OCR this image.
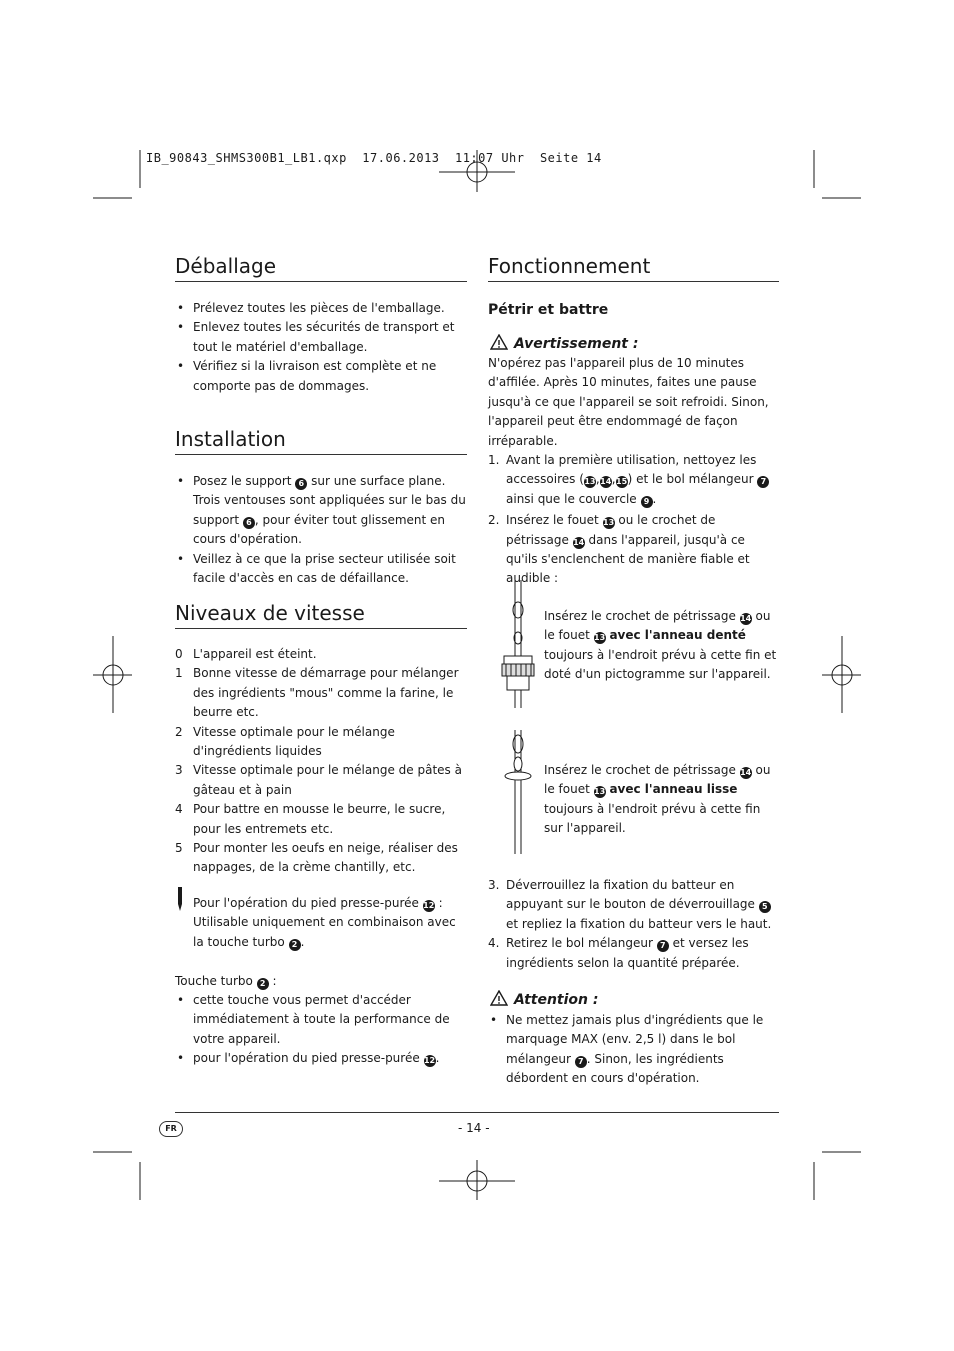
IB_90843_SHMS300B1_LB1.qxp  17.06.2013  11:07 Uhr  Seite 14
Déballage
• Prélevez toutes les pièces de l'emballage.
• Enlevez toutes les sécurités de transport et tout le matériel d'emballage.
• Vérifiez si la livraison est complète et ne comporte pas de dommages.
Installation
• Posez le support 6 sur une surface plane. Trois ventouses sont appliquées sur le bas du support 6 , pour éviter tout glissement en cours d'opération.
• Veillez à ce que la prise secteur utilisée soit facile d'accès en cas de défaillance.
Niveaux de vitesse
0 L'appareil est éteint.
1 Bonne vitesse de démarrage pour mélanger des ingrédients "mous" comme la farine, le beurre etc.
2 Vitesse optimale pour le mélange d'ingrédients liquides
3 Vitesse optimale pour le mélange de pâtes à gâteau et à pain
4 Pour battre en mousse le beurre, le sucre, pour les entremets etc.
5 Pour monter les oeufs en neige, réaliser des nappages, de la crème chantilly, etc.
Pour l'opération du pied presse-purée 12 : Utilisable uniquement en combinaison avec la touche turbo 2 .
Touche turbo 2 :
• cette touche vous permet d'accéder immédiatement à toute la performance de votre appareil.
• pour l'opération du pied presse-purée 12.
Fonctionnement
Pétrir et battre
Avertissement :
N'opérez pas l'appareil plus de 10 minutes d'affilée. Après 10 minutes, faites une pause jusqu'à ce que l'appareil se soit refroidi. Sinon, l'appareil peut être endommagé de façon irréparable.
1. Avant la première utilisation, nettoyez les accessoires (13,14,15) et le bol mélangeur 7 ainsi que le couvercle 9 .
2. Insérez le fouet 13 ou le crochet de pétrissage 14 dans l'appareil, jusqu'à ce qu'ils s'enclenchent de manière fiable et audible :
Insérez le crochet de pétrissage 14 ou le fouet 13 avec l'anneau denté toujours à l'endroit prévu à cette fin et doté d'un pictogramme sur l'appareil.
Insérez le crochet de pétrissage 14 ou le fouet 13 avec l'anneau lisse toujours à l'endroit prévu à cette fin sur l'appareil.
3. Déverrouillez la fixation du batteur en appuyant sur le bouton de déverrouillage 5 et repliez la fixation du batteur vers le haut.
4. Retirez le bol mélangeur 7 et versez les ingrédients selon la quantité préparée.
Attention :
• Ne mettez jamais plus d'ingrédients que le marquage MAX (env. 2,5 l) dans le bol mélangeur 7 . Sinon, les ingrédients débordent en cours d'opération.
FR	- 14 -
